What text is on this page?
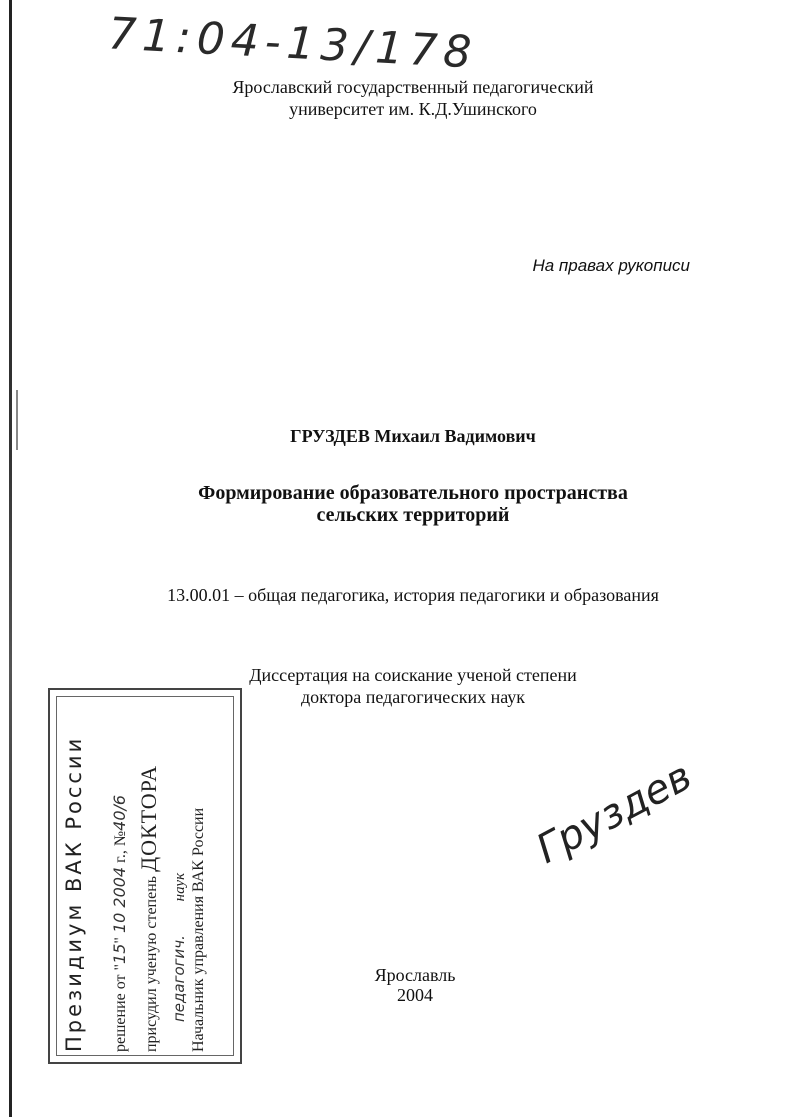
71:04-13/178
Ярославский государственный педагогический
университет им. К.Д.Ушинского
На правах рукописи
ГРУЗДЕВ Михаил Вадимович
Формирование образовательного пространства
сельских территорий
13.00.01 – общая педагогика, история педагогики и образования
Диссертация на соискание ученой степени
доктора педагогических наук
Президиум ВАК России решение от "15" 10 2004 г., №40/6
присудил ученую степень ДОКТОРА
педагогич.         наук Начальник управления ВАК России	Груздев
Ярославль
2004
